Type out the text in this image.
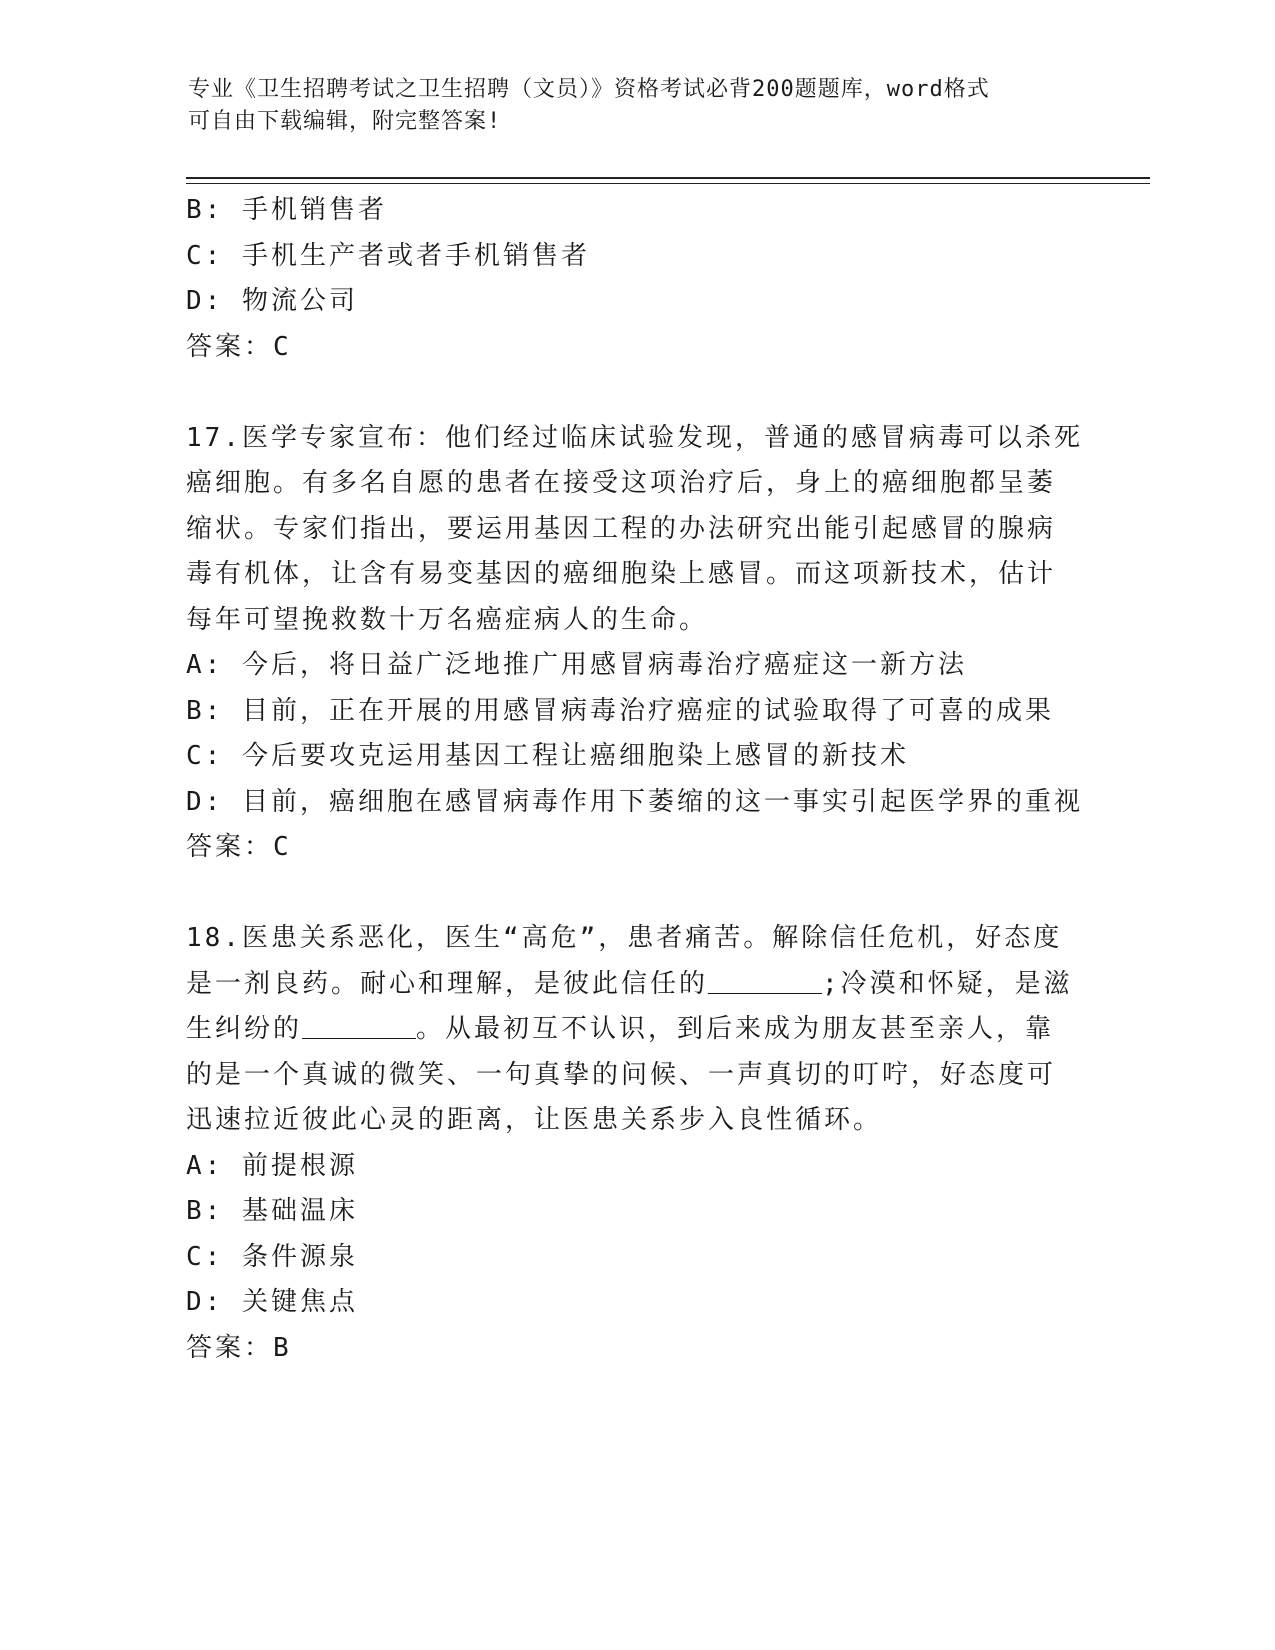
专业《卫生招聘考试之卫生招聘（文员）》资格考试必背200题题库，word格式
可自由下载编辑，附完整答案!
B: 手机销售者
C: 手机生产者或者手机销售者
D: 物流公司
答案：C
17.医学专家宣布：他们经过临床试验发现，普通的感冒病毒可以杀死
癌细胞。有多名自愿的患者在接受这项治疗后，身上的癌细胞都呈萎
缩状。专家们指出，要运用基因工程的办法研究出能引起感冒的腺病
毒有机体，让含有易变基因的癌细胞染上感冒。而这项新技术，估计
每年可望挽救数十万名癌症病人的生命。
A: 今后，将日益广泛地推广用感冒病毒治疗癌症这一新方法
B: 目前，正在开展的用感冒病毒治疗癌症的试验取得了可喜的成果
C: 今后要攻克运用基因工程让癌细胞染上感冒的新技术
D: 目前，癌细胞在感冒病毒作用下萎缩的这一事实引起医学界的重视
答案：C
18.医患关系恶化，医生“高危”，患者痛苦。解除信任危机，好态度
是一剂良药。耐心和理解，是彼此信任的	;冷漠和怀疑，是滋
生纠纷的	。从最初互不认识，到后来成为朋友甚至亲人，靠
的是一个真诚的微笑、一句真挚的问候、一声真切的叮咛，好态度可
迅速拉近彼此心灵的距离，让医患关系步入良性循环。
A: 前提根源
B: 基础温床
C: 条件源泉
D: 关键焦点
答案：B
